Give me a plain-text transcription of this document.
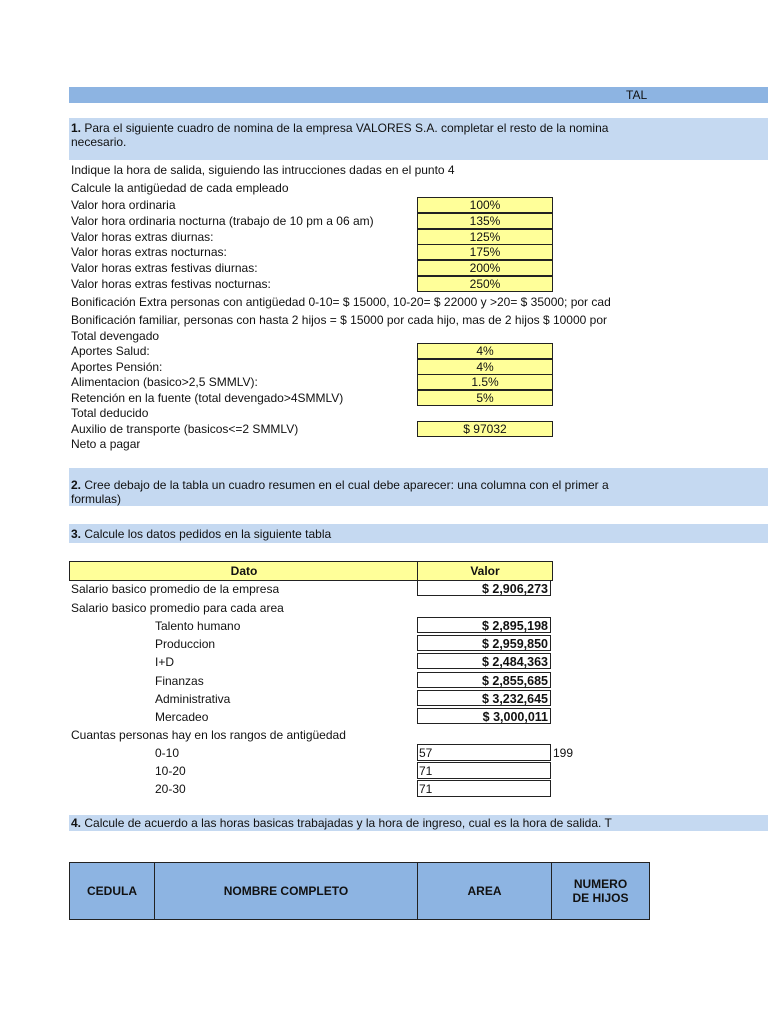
TAL
1. Para el siguiente cuadro de nomina de la empresa VALORES S.A. completar el resto de la nomina
necesario.
Indique la hora de salida, siguiendo las intrucciones dadas en el punto 4
Calcule la antigüedad de cada empleado
Valor hora ordinaria	100%
Valor hora ordinaria nocturna (trabajo de 10 pm a 06 am)	135%
Valor horas extras diurnas:	125%
Valor horas extras nocturnas:	175%
Valor horas extras festivas diurnas:	200%
Valor horas extras festivas nocturnas:	250%
Bonificación Extra personas con antigüedad 0-10= $ 15000, 10-20= $ 22000 y >20= $ 35000; por cad
Bonificación familiar, personas con hasta 2 hijos = $ 15000 por cada hijo, mas de 2 hijos $ 10000 por
Total devengado
Aportes Salud:	4%
Aportes Pensión:	4%
Alimentacion (basico>2,5 SMMLV):	1.5%
Retención en la fuente (total devengado>4SMMLV)	5%
Total deducido
Auxilio de transporte (basicos<=2 SMMLV)	$ 97032
Neto a pagar
2. Cree debajo de la tabla un cuadro resumen en el cual debe aparecer: una columna con el primer a
formulas)
3. Calcule los datos pedidos en la siguiente tabla
Dato	Valor
Salario basico promedio de la empresa	$ 2,906,273
Salario basico promedio para cada area
Talento humano	$ 2,895,198
Produccion	$ 2,959,850
I+D	$ 2,484,363
Finanzas	$ 2,855,685
Administrativa	$ 3,232,645
Mercadeo	$ 3,000,011
Cuantas personas hay en los rangos de antigüedad
0-10	57	199
10-20	71
20-30	71
4. Calcule de acuerdo a las horas basicas trabajadas y la hora de ingreso, cual es la hora de salida. T
CEDULA	NOMBRE COMPLETO	AREA	NUMERO DE HIJOS
